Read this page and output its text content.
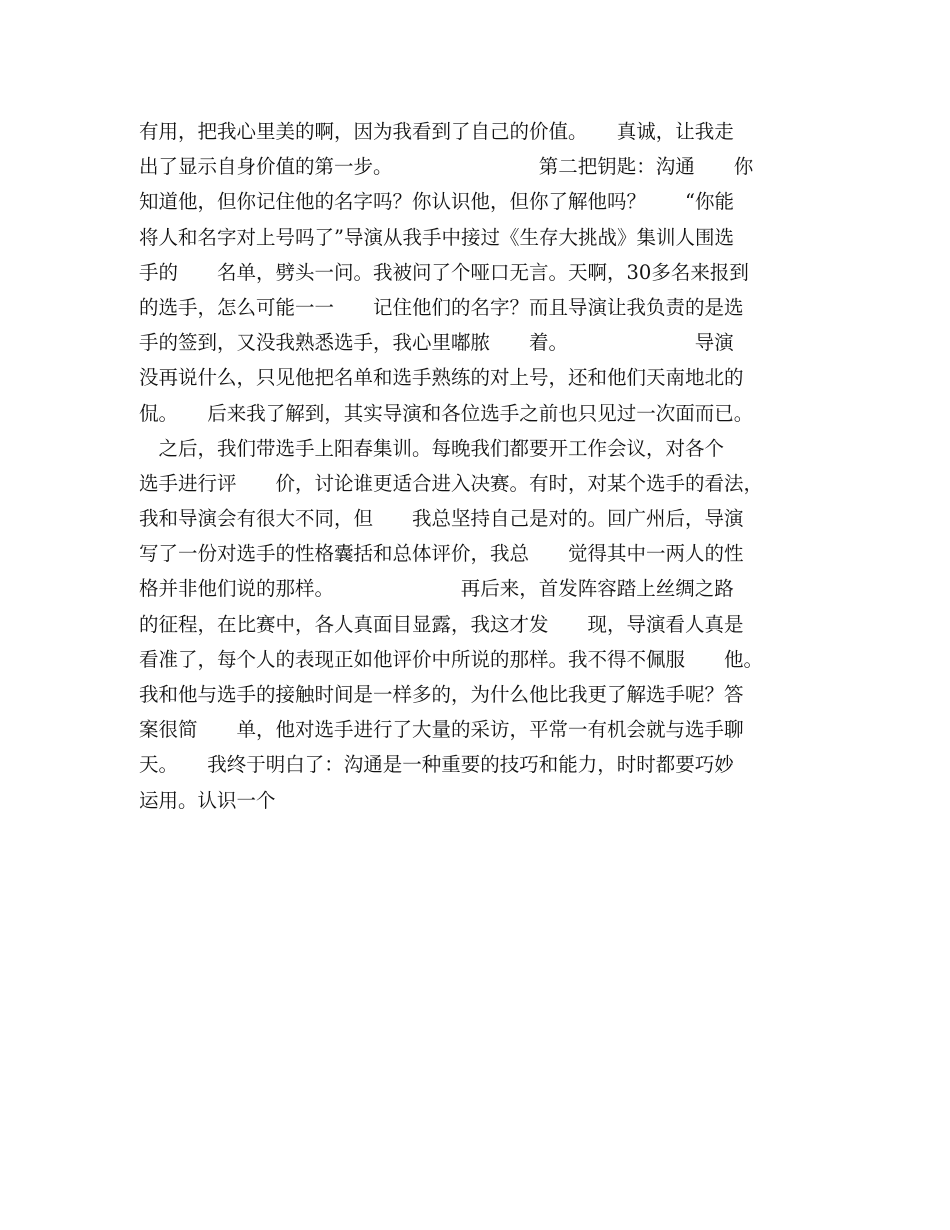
有用，把我心里美的啊，因为我看到了自己的价值。　　真诚，让我走
出了显示自身价值的第一步。　　　　　　　　第二把钥匙：沟通　　你
知道他，但你记住他的名字吗？你认识他，但你了解他吗？　　“你能
将人和名字对上号吗了”导演从我手中接过《生存大挑战》集训人围选
手的　　名单，劈头一问。我被问了个哑口无言。天啊，30多名来报到
的选手，怎么可能一一　　记住他们的名字？而且导演让我负责的是选
手的签到，又没我熟悉选手，我心里嘟脓　　着。　　　　　　　导演
没再说什么，只见他把名单和选手熟练的对上号，还和他们天南地北的
侃。　　后来我了解到，其实导演和各位选手之前也只见过一次面而已。
　之后，我们带选手上阳春集训。每晚我们都要开工作会议，对各个
选手进行评　　价，讨论谁更适合进入决赛。有时，对某个选手的看法，
我和导演会有很大不同，但　　我总坚持自己是对的。回广州后，导演
写了一份对选手的性格囊括和总体评价，我总　　觉得其中一两人的性
格并非他们说的那样。　　　　　　　再后来，首发阵容踏上丝绸之路
的征程，在比赛中，各人真面目显露，我这才发　　现，导演看人真是
看准了，每个人的表现正如他评价中所说的那样。我不得不佩服　　他。
我和他与选手的接触时间是一样多的，为什么他比我更了解选手呢？答
案很简　　单，他对选手进行了大量的采访，平常一有机会就与选手聊
天。　　我终于明白了：沟通是一种重要的技巧和能力，时时都要巧妙
运用。认识一个
